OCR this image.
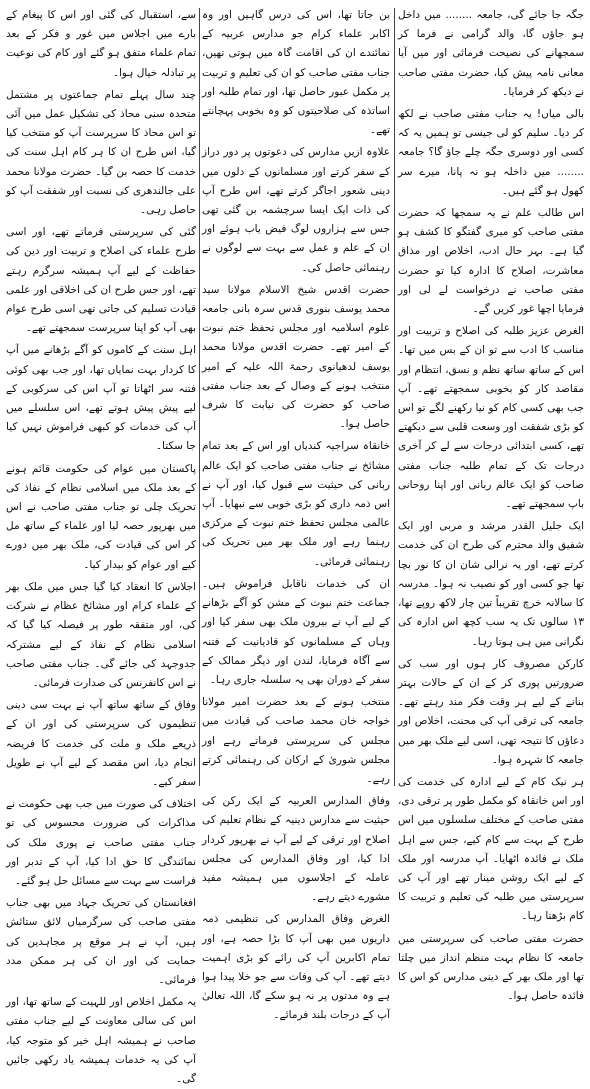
جگہ جا جائے گی، جامعہ ........ میں داخل ہو جاؤں گا، والد گرامی نے فرما کر سمجھانے کی نصیحت فرمائی اور میں آیا معانی نامہ پیش کیا، حضرت مفتی صاحب نے دیکھ کر فرمایا۔

بالی میاں! یہ جناب مفتی صاحب نے لکھ کر دیا۔ سلیم کو لی جیسی تو ہمیں یہ کہ کسی اور دوسری جگہ چلے جاؤ گا؟ جامعہ ........ میں داخلہ ہو نہ پانا، میرے سر کھول ہو گئے ہیں۔

اس طالب علم نے یہ سمجھا کہ حضرت مفتی صاحب کو میری گفتگو کا کشف ہو گیا ہے۔ بہر حال ادب، اخلاص اور مذاق معاشرت، اصلاح کا ادارہ کیا تو حضرت مفتی صاحب نے درخواست لے لی اور فرمایا اچھا غور کریں گے۔

الغرض عزیز طلبہ کی اصلاح و تربیت اور مناسب کا ادب سے تو ان کے بس میں تھا۔ اس کے ساتھ ساتھ نظم و نسق، انتظام اور مقاصد کار کو بخوبی سمجھتے تھے۔ آپ جب بھی کسی کام کو نیا رکھنے لگے تو اس کو بڑی شفقت اور وسعت قلبی سے دیکھتے تھے، کسی ابتدائی درجات سے لے کر آخری درجات تک کے تمام طلبہ جناب مفتی صاحب کو ایک عالم ربانی اور اپنا روحانی باپ سمجھتے تھے۔

ایک جلیل القدر مرشد و مربی اور ایک شفیق والد محترم کی طرح ان کی خدمت کرتے تھے، اور یہ نرالی شان ان کا نور بچا تھا جو کسی اور کو نصیب نہ ہوا۔ مدرسہ کا سالانہ خرچ تقریباً تین چار لاکھ روپے تھا، ۱۳ سالوں تک یہ سب کچھ اس ادارہ کی نگرانی میں ہی ہوتا رہا۔

کارکن مصروف کار ہوں اور سب کی ضرورتیں پوری کر کے ان کے حالات بہتر بنانے کے لیے ہر وقت فکر مند رہتے تھے۔ جامعہ کی ترقی آپ کی محنت، اخلاص اور دعاؤں کا نتیجہ تھی، اسی لیے ملک بھر میں جامعہ کا شہرہ ہوا۔

ہر نیک کام کے لیے ادارہ کی خدمت کی اور اس خانقاہ کو مکمل طور پر ترقی دی، مفتی صاحب کے مختلف سلسلوں میں اس طرح کے بہت سے کام کیے، جس سے اہل ملک نے فائدہ اٹھایا۔ آپ مدرسہ اور ملک کے لیے ایک روشن مینار تھے اور آپ کی سرپرستی میں طلبہ کی تعلیم و تربیت کا کام بڑھتا رہا۔

حضرت مفتی صاحب کی سرپرستی میں جامعہ کا نظام بہت منظم انداز میں چلتا تھا اور ملک بھر کے دینی مدارس کو اس کا فائدہ حاصل ہوا۔

بن جاتا تھا، اس کی درس گاہیں اور وہ اکابر علماء کرام جو مدارس عربیہ کے نمائندے ان کی اقامت گاہ میں ہوتی تھیں، جناب مفتی صاحب کو ان کی تعلیم و تربیت پر مکمل عبور حاصل تھا، اور تمام طلبہ اور اساتذہ کی صلاحیتوں کو وہ بخوبی پہچانتے تھے۔

علاوہ ازیں مدارس کی دعوتوں پر دور دراز کے سفر کرتے اور مسلمانوں کے دلوں میں دینی شعور اجاگر کرتے تھے، اس طرح آپ کی ذات ایک ایسا سرچشمہ بن گئی تھی جس سے ہزاروں لوگ فیض یاب ہوئے اور ان کے علم و عمل سے بہت سے لوگوں نے رہنمائی حاصل کی۔

حضرت اقدس شیخ الاسلام مولانا سید محمد یوسف بنوری قدس سرہ بانی جامعہ علوم اسلامیہ اور مجلس تحفظ ختم نبوت کے امیر تھے۔ حضرت اقدس مولانا محمد یوسف لدھیانوی رحمۃ اللہ علیہ کے امیر منتخب ہونے کے وصال کے بعد جناب مفتی صاحب کو حضرت کی نیابت کا شرف حاصل ہوا۔

خانقاہ سراجیہ کندیاں اور اس کے بعد تمام مشائخ نے جناب مفتی صاحب کو ایک عالم ربانی کی حیثیت سے قبول کیا، اور آپ نے اس ذمہ داری کو بڑی خوبی سے نبھایا۔ آپ عالمی مجلس تحفظ ختم نبوت کے مرکزی رہنما رہے اور ملک بھر میں تحریک کی رہنمائی فرمائی۔

ان کی خدمات ناقابل فراموش ہیں۔ جماعت ختم نبوت کے مشن کو آگے بڑھانے کے لیے آپ نے بیرون ملک بھی سفر کیا اور وہاں کے مسلمانوں کو قادیانیت کے فتنہ سے آگاہ فرمایا، لندن اور دیگر ممالک کے سفر کے دوران بھی یہ سلسلہ جاری رہا۔

منتخب ہونے کے بعد حضرت امیر مولانا خواجہ خان محمد صاحب کی قیادت میں مجلس کی سرپرستی فرماتے رہے اور مجلس شوریٰ کے ارکان کی رہنمائی کرتے رہے۔

وفاق المدارس العربیہ کے ایک رکن کی حیثیت سے مدارس دینیہ کے نظام تعلیم کی اصلاح اور ترقی کے لیے آپ نے بھرپور کردار ادا کیا، اور وفاق المدارس کی مجلس عاملہ کے اجلاسوں میں ہمیشہ مفید مشورے دیتے رہے۔

الغرض وفاق المدارس کی تنظیمی ذمہ داریوں میں بھی آپ کا بڑا حصہ ہے، اور تمام اکابرین آپ کی رائے کو بڑی اہمیت دیتے تھے۔ آپ کی وفات سے جو خلا پیدا ہوا ہے وہ مدتوں پر نہ ہو سکے گا، اللہ تعالیٰ آپ کے درجات بلند فرمائے۔

سے، استقبال کی گئی اور اس کا پیغام کے بارے میں اجلاس میں غور و فکر کے بعد تمام علماء متفق ہو گئے اور کام کی نوعیت پر تبادلہ خیال ہوا۔

چند سال پہلے تمام جماعتوں پر مشتمل متحدہ سنی محاذ کی تشکیل عمل میں آئی تو اس محاذ کا سرپرست آپ کو منتخب کیا گیا، اس طرح ان کا ہر کام اہل سنت کی خدمت کا حصہ بن گیا۔ حضرت مولانا محمد علی جالندھری کی نسبت اور شفقت آپ کو حاصل رہی۔

گئی کی سرپرستی فرماتے تھے، اور اسی طرح علماء کی اصلاح و تربیت اور دین کی حفاظت کے لیے آپ ہمیشہ سرگرم رہتے تھے، اور جس طرح ان کی اخلاقی اور علمی قیادت تسلیم کی جاتی تھی اسی طرح عوام بھی آپ کو اپنا سرپرست سمجھتے تھے۔

اہل سنت کے کاموں کو آگے بڑھانے میں آپ کا کردار بہت نمایاں تھا، اور جب بھی کوئی فتنہ سر اٹھاتا تو آپ اس کی سرکوبی کے لیے پیش پیش ہوتے تھے، اس سلسلے میں آپ کی خدمات کو کبھی فراموش نہیں کیا جا سکتا۔

پاکستان میں عوام کی حکومت قائم ہونے کے بعد ملک میں اسلامی نظام کے نفاذ کی تحریک چلی تو جناب مفتی صاحب نے اس میں بھرپور حصہ لیا اور علماء کے ساتھ مل کر اس کی قیادت کی، ملک بھر میں دورے کیے اور عوام کو بیدار کیا۔

اجلاس کا انعقاد کیا گیا جس میں ملک بھر کے علماء کرام اور مشائخ عظام نے شرکت کی، اور متفقہ طور پر فیصلہ کیا گیا کہ اسلامی نظام کے نفاذ کے لیے مشترکہ جدوجہد کی جائے گی۔ جناب مفتی صاحب نے اس کانفرنس کی صدارت فرمائی۔

وفاق کے ساتھ ساتھ آپ نے بہت سی دینی تنظیموں کی سرپرستی کی اور ان کے ذریعے ملک و ملت کی خدمت کا فریضہ انجام دیا، اس مقصد کے لیے آپ نے طویل سفر کیے۔

اختلاف کی صورت میں جب بھی حکومت نے مذاکرات کی ضرورت محسوس کی تو جناب مفتی صاحب نے پوری ملک کی نمائندگی کا حق ادا کیا، آپ کے تدبر اور فراست سے بہت سے مسائل حل ہو گئے۔

افغانستان کی تحریک جہاد میں بھی جناب مفتی صاحب کی سرگرمیاں لائق ستائش ہیں، آپ نے ہر موقع پر مجاہدین کی حمایت کی اور ان کی ہر ممکن مدد فرمائی۔

یہ مکمل اخلاص اور للہیت کے ساتھ تھا، اور اس کی سالی معاونت کے لیے جناب مفتی صاحب نے ہمیشہ اہل خیر کو متوجہ کیا، آپ کی یہ خدمات ہمیشہ یاد رکھی جائیں گی۔
